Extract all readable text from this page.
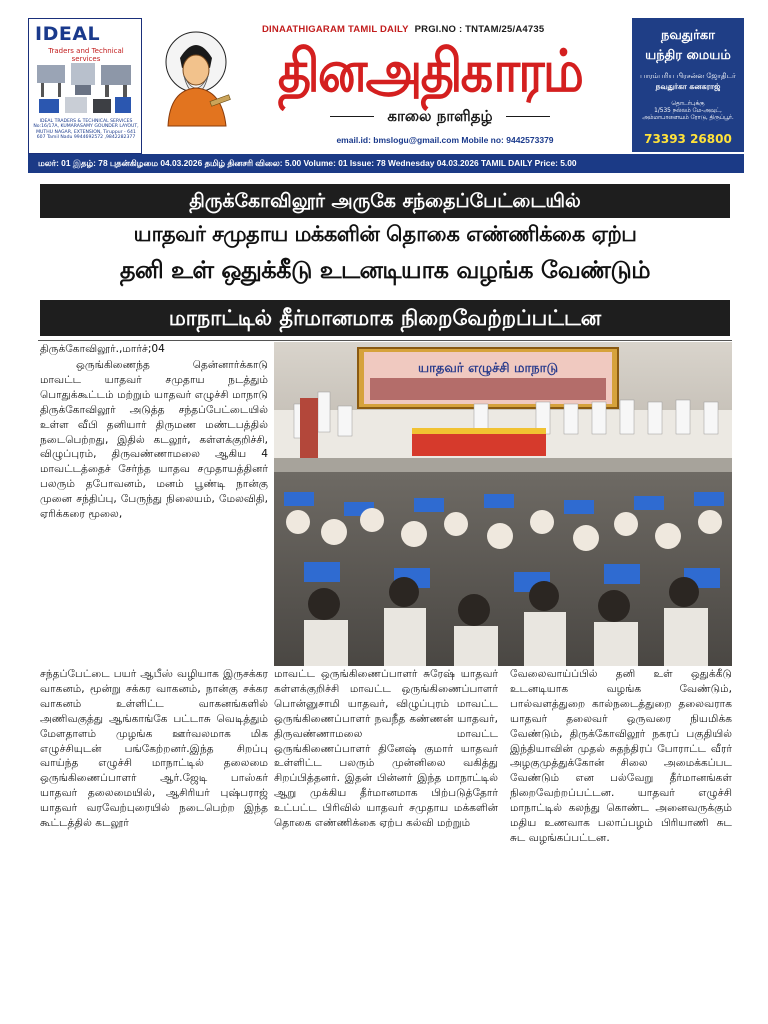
IDEAL
Traders and Technical services
IDEAL TRADERS & TECHNICAL SERVICES No:16/17A, KUMARASAMY GOUNDER LAYOUT, MUTHU NAGAR, EXTENSION, Tiruppur - 641 607 Tamil Nadu 9944692572 ,9842282377
DINAATHIGARAM TAMIL DAILY PRGI.NO : TNTAM/25/A4735
தினஅதிகாரம்
காலை நாளிதழ்
email.id: bmslogu@gmail.com Mobile no: 9442573379
நவதுர்கா
யந்திர மையம்
பாரம்பரிய பிரசன்ன ஜோதிடர்
நவதுர்கா கனகராஜ்
தொடர்புக்கு
1/535 நல்லம் மே-அவுட், அம்மாபாளையம் ரோடு, திருப்பூர்.
73393 26800
மலர்: 01 இதழ்: 78 புதன்கிழமை 04.03.2026 தமிழ் தினசரி விலை: 5.00 Volume: 01 Issue: 78 Wednesday 04.03.2026 TAMIL DAILY Price: 5.00
திருக்கோவிலூர் அருகே சந்தைப்பேட்டையில்
யாதவர் சமுதாய மக்களின் தொகை எண்ணிக்கை ஏற்ப
தனி உள் ஒதுக்கீடு உடனடியாக வழங்க வேண்டும்
மாநாட்டில் தீர்மானமாக நிறைவேற்றப்பட்டன
யாதவர் எழுச்சி மாநாடு
திருக்கோவிலூர்.,மார்ச்;04
ஒருங்கிணைந்த தென்னார்க்காடு மாவட்ட யாதவர் சமுதாய நடத்தும் பொதுக்கூட்டம் மற்றும் யாதவர் எழுச்சி மாநாடு திருக்கோவிலூர் அடுத்த சந்தப்பேட்டையில் உள்ள வீபி தனியார் திருமண மண்டபத்தில் நடைபெற்றது, இதில் கடலூர், கள்ளக்குறிச்சி, விழுப்புரம், திருவண்ணாமலை ஆகிய 4 மாவட்டத்தைச் சேர்ந்த யாதவ சமுதாயத்தினர் பலரும் தபோவனம், மனம் பூண்டி நான்கு முனை சந்திப்பு, பேருந்து நிலையம், மேலவிதி, ஏரிக்கரை மூலை,
சந்தப்பேட்டை பயர் ஆபீஸ் வழியாக இருசக்கர வாகனம், மூன்று சக்கர வாகனம், நான்கு சக்கர வாகனம் உள்ளிட்ட வாகனங்களில் அணிவகுத்து ஆங்காங்கே பட்டாசு வெடித்தும் மேளதாளம் முழங்க ஊர்வலமாக மிக எழுச்சியுடன் பங்கேற்றனர்.இந்த சிறப்பு வாய்ந்த எழுச்சி மாநாட்டில் தலைமை ஒருங்கிணைப்பாளர் ஆர்.ஜேடி பாஸ்கர் யாதவர் தலைமையில், ஆசிரியர் புஷ்பராஜ் யாதவர் வரவேற்புரையில் நடைபெற்ற இந்த கூட்டத்தில் கடலூர்
மாவட்ட ஒருங்கிணைப்பாளர் சுரேஷ் யாதவர் கள்ளக்குறிச்சி மாவட்ட ஒருங்கிணைப்பாளர் பொன்னுசாமி யாதவர், விழுப்புரம் மாவட்ட ஒருங்கிணைப்பாளர் நவநீத கண்ணன் யாதவர், திருவண்ணாமலை மாவட்ட ஒருங்கிணைப்பாளர் தினேஷ் குமார் யாதவர் உள்ளிட்ட பலரும் முன்னிலை வகித்து சிறப்பித்தனர். இதன் பின்னர் இந்த மாநாட்டில் ஆறு முக்கிய தீர்மானமாக பிற்படுத்தோர் உட்பட்ட பிரிவில் யாதவர் சமுதாய மக்களின் தொகை எண்ணிக்கை ஏற்ப கல்வி மற்றும்
வேலைவாய்ப்பில் தனி உள் ஒதுக்கீடு உடனடியாக வழங்க வேண்டும், பால்வளத்துறை கால்நடைத்துறை தலைவராக யாதவர் தலைவர் ஒருவரை நியமிக்க வேண்டும், திருக்கோவிலூர் நகரப் பகுதியில் இந்தியாவின் முதல் சுதந்திரப் போராட்ட வீரர் அழகுமுத்துக்கோன் சிலை அமைக்கப்பட வேண்டும் என பல்வேறு தீர்மானங்கள் நிறைவேற்றப்பட்டன. யாதவர் எழுச்சி மாநாட்டில் கலந்து கொண்ட அனைவருக்கும் மதிய உணவாக பலாப்பழம் பிரியாணி சுட சுட வழங்கப்பட்டன.
